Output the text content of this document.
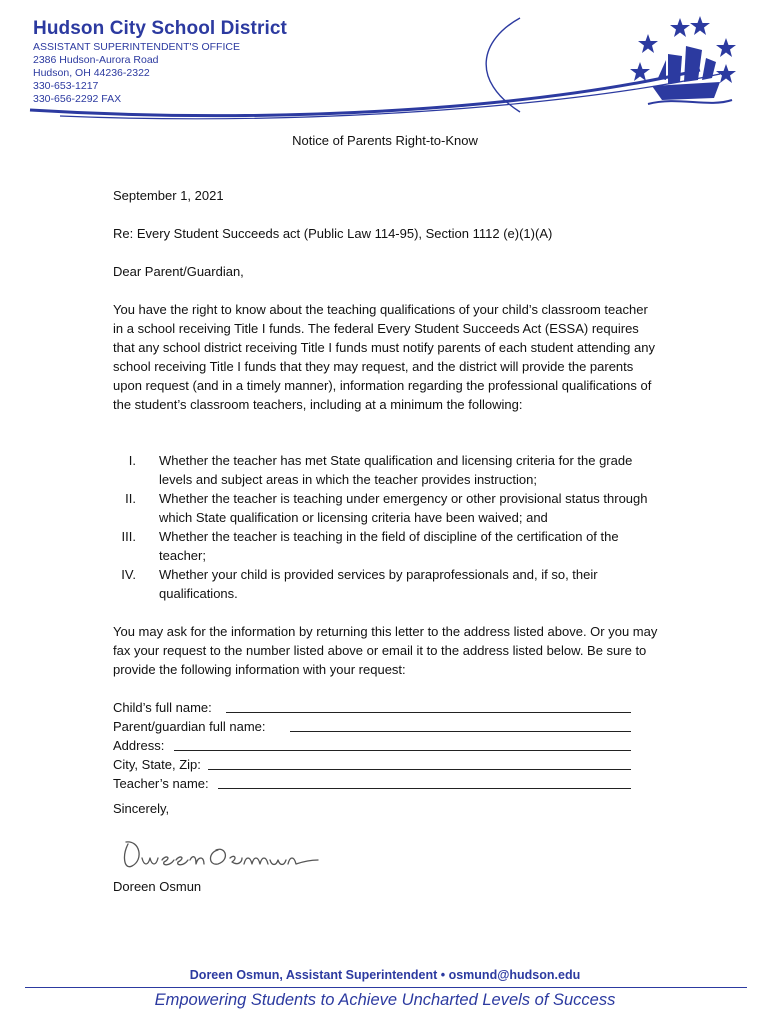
Hudson City School District
ASSISTANT SUPERINTENDENT'S OFFICE
2386 Hudson-Aurora Road
Hudson, OH 44236-2322
330-653-1217
330-656-2292 FAX
Notice of Parents Right-to-Know
September 1, 2021
Re: Every Student Succeeds act (Public Law 114-95), Section 1112 (e)(1)(A)
Dear Parent/Guardian,
You have the right to know about the teaching qualifications of your child’s classroom teacher in a school receiving Title I funds. The federal Every Student Succeeds Act (ESSA) requires that any school district receiving Title I funds must notify parents of each student attending any school receiving Title I funds that they may request, and the district will provide the parents upon request (and in a timely manner), information regarding the professional qualifications of the student’s classroom teachers, including at a minimum the following:
I. Whether the teacher has met State qualification and licensing criteria for the grade levels and subject areas in which the teacher provides instruction;
II. Whether the teacher is teaching under emergency or other provisional status through which State qualification or licensing criteria have been waived; and
III. Whether the teacher is teaching in the field of discipline of the certification of the teacher;
IV. Whether your child is provided services by paraprofessionals and, if so, their qualifications.
You may ask for the information by returning this letter to the address listed above. Or you may fax your request to the number listed above or email it to the address listed below. Be sure to provide the following information with your request:
Child’s full name:
Parent/guardian full name:
Address:
City, State, Zip:
Teacher’s name:
Sincerely,
Doreen Osmun
Doreen Osmun, Assistant Superintendent • osmund@hudson.edu
Empowering Students to Achieve Uncharted Levels of Success
